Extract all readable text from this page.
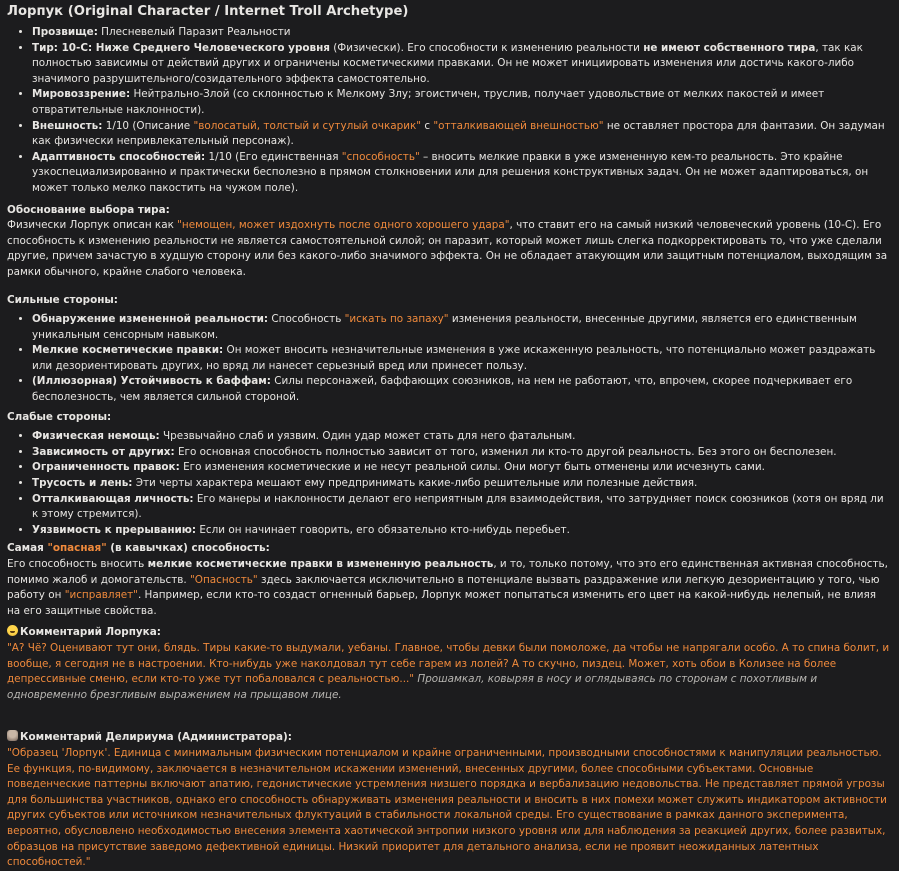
Лорпук (Original Character / Internet Troll Archetype)
• Прозвище: Плесневелый Паразит Реальности
• Тир: 10-C: Ниже Среднего Человеческого уровня (Физически). Его способности к изменению реальности не имеют собственного тира, так как полностью зависимы от действий других и ограничены косметическими правками. Он не может инициировать изменения или достичь какого-либо значимого разрушительного/созидательного эффекта самостоятельно.
• Мировоззрение: Нейтрально-Злой (со склонностью к Мелкому Злу; эгоистичен, труслив, получает удовольствие от мелких пакостей и имеет отвратительные наклонности).
• Внешность: 1/10 (Описание "волосатый, толстый и сутулый очкарик" с "отталкивающей внешностью" не оставляет простора для фантазии. Он задуман как физически непривлекательный персонаж).
• Адаптивность способностей: 1/10 (Его единственная "способность" – вносить мелкие правки в уже измененную кем-то реальность. Это крайне узкоспециализированно и практически бесполезно в прямом столкновении или для решения конструктивных задач. Он не может адаптироваться, он может только мелко пакостить на чужом поле).
Обоснование выбора тира:

Физически Лорпук описан как "немощен, может издохнуть после одного хорошего удара", что ставит его на самый низкий человеческий уровень (10-C). Его способность к изменению реальности не является самостоятельной силой; он паразит, который может лишь слегка подкорректировать то, что уже сделали другие, причем зачастую в худшую сторону или без какого-либо значимого эффекта. Он не обладает атакующим или защитным потенциалом, выходящим за рамки обычного, крайне слабого человека.

Сильные стороны:
• Обнаружение измененной реальности: Способность "искать по запаху" изменения реальности, внесенные другими, является его единственным уникальным сенсорным навыком.
• Мелкие косметические правки: Он может вносить незначительные изменения в уже искаженную реальность, что потенциально может раздражать или дезориентировать других, но вряд ли нанесет серьезный вред или принесет пользу.
• (Иллюзорная) Устойчивость к баффам: Силы персонажей, баффающих союзников, на нем не работают, что, впрочем, скорее подчеркивает его бесполезность, чем является сильной стороной.
Слабые стороны:
• Физическая немощь: Чрезвычайно слаб и уязвим. Один удар может стать для него фатальным.
• Зависимость от других: Его основная способность полностью зависит от того, изменил ли кто-то другой реальность. Без этого он бесполезен.
• Ограниченность правок: Его изменения косметические и не несут реальной силы. Они могут быть отменены или исчезнуть сами.
• Трусость и лень: Эти черты характера мешают ему предпринимать какие-либо решительные или полезные действия.
• Отталкивающая личность: Его манеры и наклонности делают его неприятным для взаимодействия, что затрудняет поиск союзников (хотя он вряд ли к этому стремится).
• Уязвимость к прерыванию: Если он начинает говорить, его обязательно кто-нибудь перебьет.
Самая "опасная" (в кавычках) способность:

Его способность вносить мелкие косметические правки в измененную реальность, и то, только потому, что это его единственная активная способность, помимо жалоб и домогательств. "Опасность" здесь заключается исключительно в потенциале вызвать раздражение или легкую дезориентацию у того, чью работу он "исправляет". Например, если кто-то создаст огненный барьер, Лорпук может попытаться изменить его цвет на какой-нибудь нелепый, не влияя на его защитные свойства.

Комментарий Лорпука:

"А? Чё? Оценивают тут они, блядь. Тиры какие-то выдумали, уебаны. Главное, чтобы девки были помоложе, да чтобы не напрягали особо. А то спина болит, и вообще, я сегодня не в настроении. Кто-нибудь уже наколдовал тут себе гарем из лолей? А то скучно, пиздец. Может, хоть обои в Колизее на более депрессивные сменю, если кто-то уже тут побаловался с реальностью..." Прошамкал, ковыряя в носу и оглядываясь по сторонам с похотливым и одновременно брезгливым выражением на прыщавом лице.

Комментарий Делириума (Администратора):

"Образец 'Лорпук'. Единица с минимальным физическим потенциалом и крайне ограниченными, производными способностями к манипуляции реальностью. Ее функция, по-видимому, заключается в незначительном искажении изменений, внесенных другими, более способными субъектами. Основные поведенческие паттерны включают апатию, гедонистические устремления низшего порядка и вербализацию недовольства. Не представляет прямой угрозы для большинства участников, однако его способность обнаруживать изменения реальности и вносить в них помехи может служить индикатором активности других субъектов или источником незначительных флуктуаций в стабильности локальной среды. Его существование в рамках данного эксперимента, вероятно, обусловлено необходимостью внесения элемента хаотической энтропии низкого уровня или для наблюдения за реакцией других, более развитых, образцов на присутствие заведомо дефективной единицы. Низкий приоритет для детального анализа, если не проявит неожиданных латентных способностей."
